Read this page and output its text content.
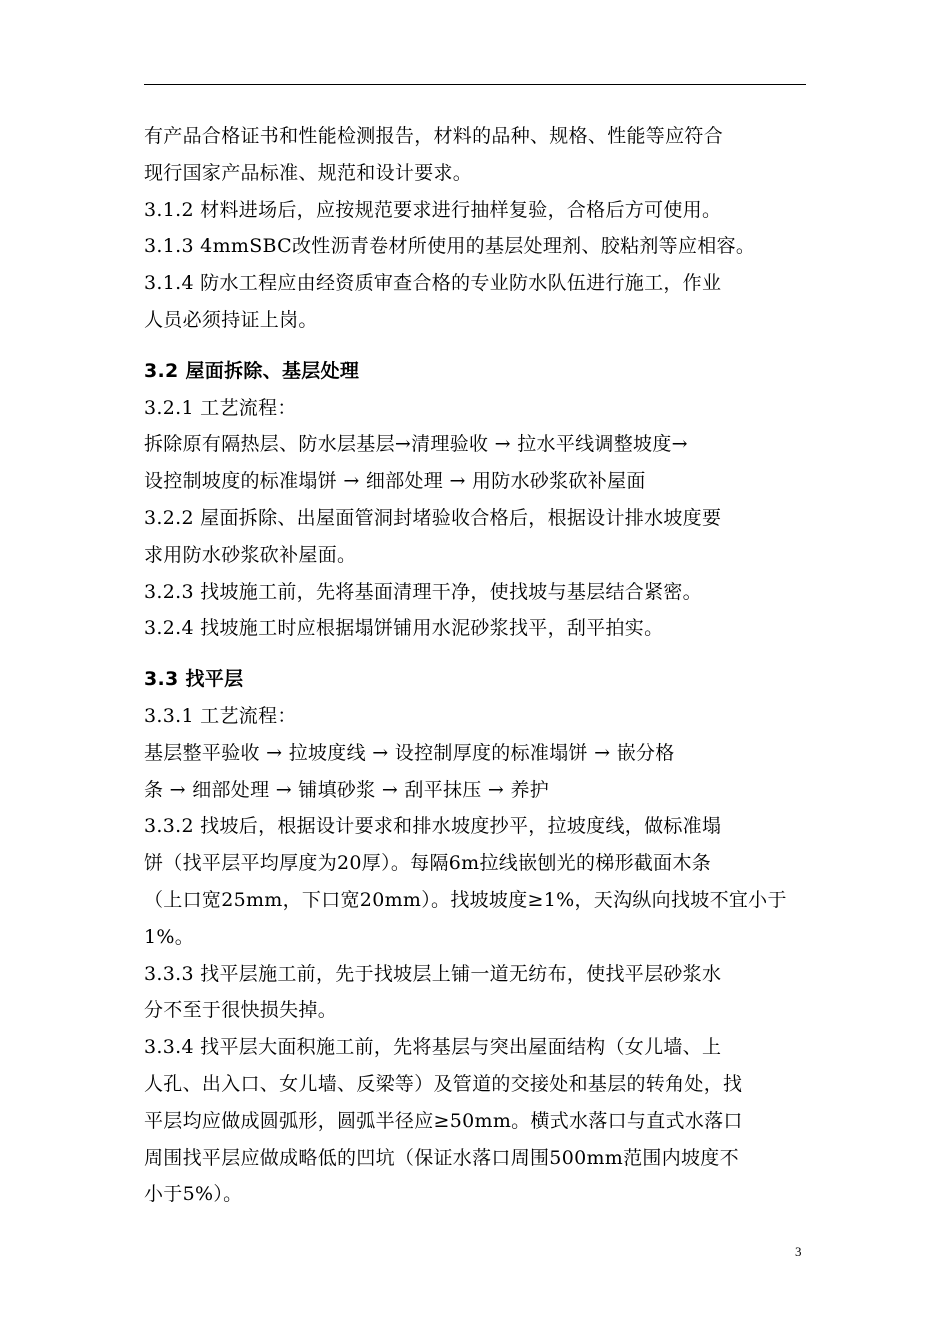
有产品合格证书和性能检测报告，材料的品种、规格、性能等应符合
现行国家产品标准、规范和设计要求。
3.1.2 材料进场后，应按规范要求进行抽样复验，合格后方可使用。
3.1.3 4mmSBC改性沥青卷材所使用的基层处理剂、胶粘剂等应相容。
3.1.4 防水工程应由经资质审查合格的专业防水队伍进行施工，作业
人员必须持证上岗。
3.2 屋面拆除、基层处理
3.2.1 工艺流程：
拆除原有隔热层、防水层基层→清理验收 → 拉水平线调整坡度→
设控制坡度的标准塌饼 → 细部处理 → 用防水砂浆砍补屋面
3.2.2 屋面拆除、出屋面管洞封堵验收合格后，根据设计排水坡度要
求用防水砂浆砍补屋面。
3.2.3 找坡施工前，先将基面清理干净，使找坡与基层结合紧密。
3.2.4 找坡施工时应根据塌饼铺用水泥砂浆找平，刮平拍实。
3.3 找平层
3.3.1 工艺流程：
基层整平验收 → 拉坡度线 → 设控制厚度的标准塌饼 → 嵌分格
条 → 细部处理 → 铺填砂浆 → 刮平抹压 → 养护
3.3.2 找坡后，根据设计要求和排水坡度抄平，拉坡度线，做标准塌
饼（找平层平均厚度为20厚）。每隔6m拉线嵌刨光的梯形截面木条
（上口宽25mm，下口宽20mm）。找坡坡度≥1%，天沟纵向找坡不宜小于
1%。
3.3.3 找平层施工前，先于找坡层上铺一道无纺布，使找平层砂浆水
分不至于很快损失掉。
3.3.4 找平层大面积施工前，先将基层与突出屋面结构（女儿墙、上
人孔、出入口、女儿墙、反梁等）及管道的交接处和基层的转角处，找
平层均应做成圆弧形，圆弧半径应≥50mm。横式水落口与直式水落口
周围找平层应做成略低的凹坑（保证水落口周围500mm范围内坡度不
小于5%）。
3
